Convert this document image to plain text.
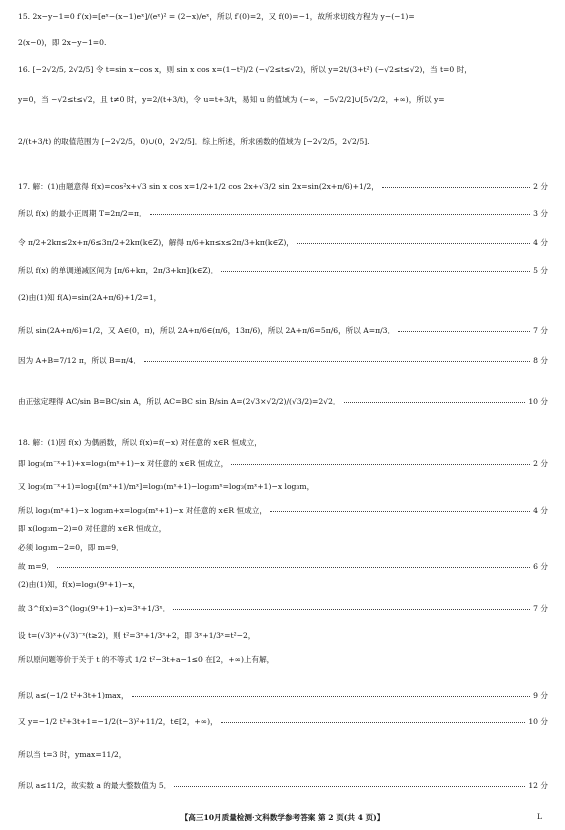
15. 2x−y−1=0 f′(x)=[eˣ−(x−1)eˣ]/(eˣ)² = (2−x)/eˣ，所以 f′(0)=2，又 f(0)=−1，故所求切线方程为 y−(−1)=
2(x−0)，即 2x−y−1=0.
16. [−2√2/5, 2√2/5] 令 t=sin x−cos x，则 sin x cos x=(1−t²)/2 (−√2≤t≤√2)，所以 y=2t/(3+t²) (−√2≤t≤√2)，当 t=0 时，
y=0，当 −√2≤t≤√2，且 t≠0 时，y=2/(t+3/t)，令 u=t+3/t，易知 u 的值域为 (−∞，−5√2/2]∪[5√2/2，+∞)，所以 y=
2/(t+3/t) 的取值范围为 [−2√2/5，0)∪(0，2√2/5]．综上所述，所求函数的值域为 [−2√2/5，2√2/5].
17. 解：(1)由题意得 f(x)=cos²x+√3 sin x cos x=1/2+1/2 cos 2x+√3/2 sin 2x=sin(2x+π/6)+1/2，	2 分
所以 f(x) 的最小正周期 T=2π/2=π．	3 分
令 π/2+2kπ≤2x+π/6≤3π/2+2kπ(k∈Z)，解得 π/6+kπ≤x≤2π/3+kπ(k∈Z)，	4 分
所以 f(x) 的单调递减区间为 [π/6+kπ，2π/3+kπ](k∈Z)．	5 分
(2)由(1)知 f(A)=sin(2A+π/6)+1/2=1，
所以 sin(2A+π/6)=1/2，又 A∈(0，π)，所以 2A+π/6∈(π/6，13π/6)，所以 2A+π/6=5π/6，所以 A=π/3．	7 分
因为 A+B=7/12 π，所以 B=π/4．	8 分
由正弦定理得 AC/sin B=BC/sin A，所以 AC=BC sin B/sin A=(2√3×√2/2)/(√3/2)=2√2．	10 分
18. 解：(1)因 f(x) 为偶函数，所以 f(x)=f(−x) 对任意的 x∈R 恒成立，
即 log₃(m⁻ˣ+1)+x=log₃(mˣ+1)−x 对任意的 x∈R 恒成立，	2 分
又 log₃(m⁻ˣ+1)=log₃[(mˣ+1)/mˣ]=log₃(mˣ+1)−log₃mˣ=log₃(mˣ+1)−x log₃m，
所以 log₃(mˣ+1)−x log₃m+x=log₃(mˣ+1)−x 对任意的 x∈R 恒成立，	4 分
即 x(log₃m−2)=0 对任意的 x∈R 恒成立，
必须 log₃m−2=0，即 m=9．
故 m=9．	6 分
(2)由(1)知，f(x)=log₃(9ˣ+1)−x，
故 3^f(x)=3^(log₃(9ˣ+1)−x)=3ˣ+1/3ˣ．	7 分
设 t=(√3)ˣ+(√3)⁻ˣ(t≥2)，则 t²=3ˣ+1/3ˣ+2，即 3ˣ+1/3ˣ=t²−2，
所以原问题等价于关于 t 的不等式 1/2 t²−3t+a−1≤0 在[2，+∞)上有解，
所以 a≤(−1/2 t²+3t+1)max，	9 分
又 y=−1/2 t²+3t+1=−1/2(t−3)²+11/2，t∈[2，+∞)，	10 分
所以当 t=3 时，ymax=11/2，
所以 a≤11/2，故实数 a 的最大整数值为 5．	12 分
【高三10月质量检测·文科数学参考答案 第 2 页(共 4 页)】	L
